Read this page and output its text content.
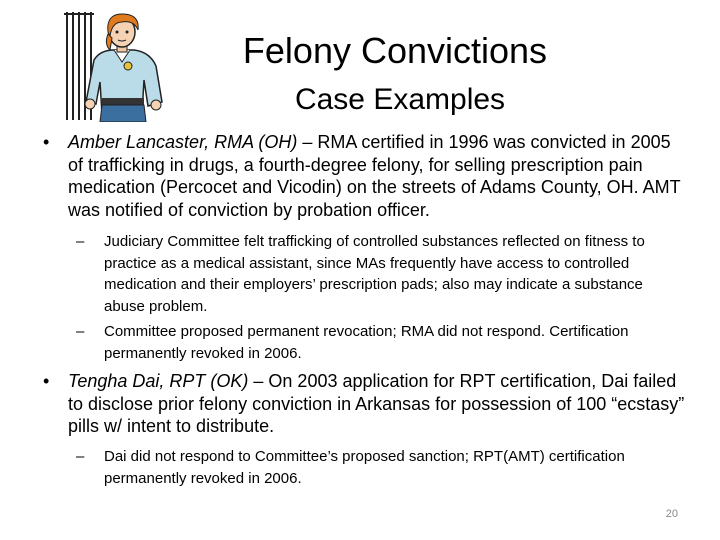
Felony Convictions
Case Examples
• Amber Lancaster, RMA (OH) – RMA certified in 1996 was convicted in 2005 of trafficking in drugs, a fourth-degree felony, for selling prescription pain medication (Percocet and Vicodin) on the streets of Adams County, OH. AMT was notified of conviction by probation officer.
– Judiciary Committee felt trafficking of controlled substances reflected on fitness to practice as a medical assistant, since MAs frequently have access to controlled medication and their employers’ prescription pads; also may indicate a substance abuse problem.
– Committee proposed permanent revocation; RMA did not respond. Certification permanently revoked in 2006.
• Tengha Dai, RPT (OK) – On 2003 application for RPT certification, Dai failed to disclose prior felony conviction in Arkansas for possession of 100 “ecstasy” pills w/ intent to distribute.
– Dai did not respond to Committee’s proposed sanction; RPT(AMT) certification permanently revoked in 2006.
20
